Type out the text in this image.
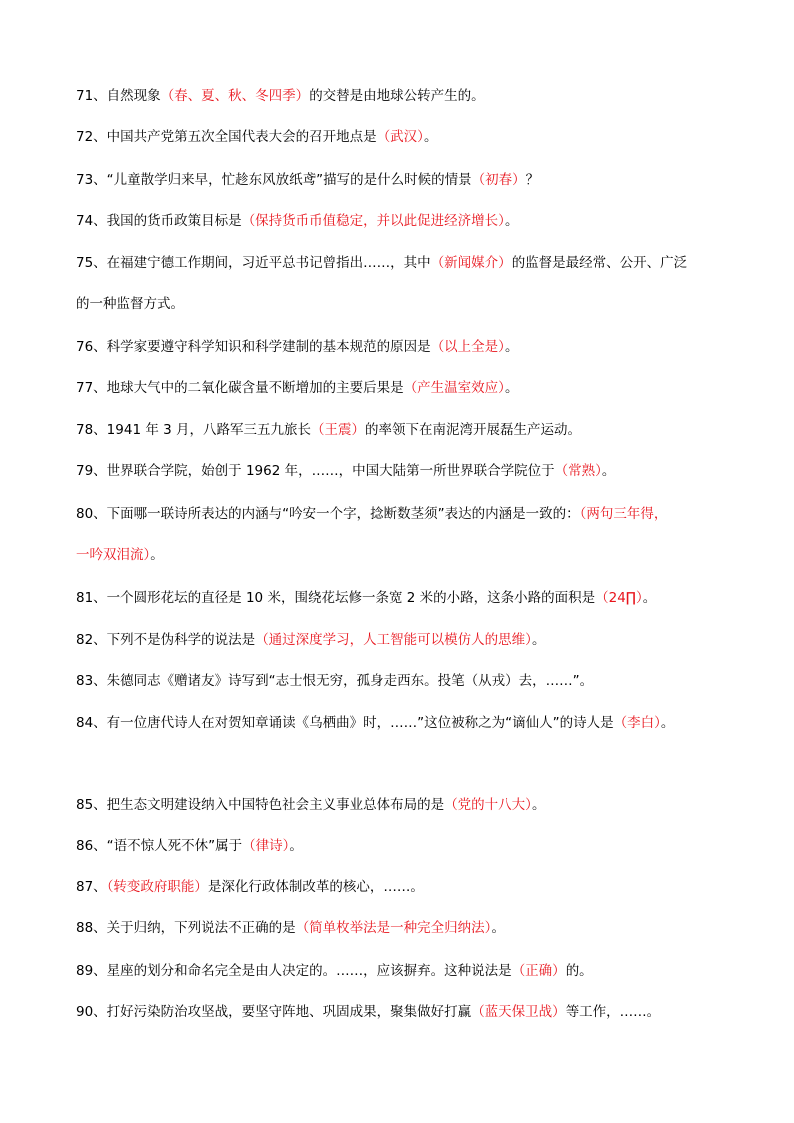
71、自然现象（春、夏、秋、冬四季）的交替是由地球公转产生的。
72、中国共产党第五次全国代表大会的召开地点是（武汉）。
73、“儿童散学归来早，忙趁东风放纸鸢”描写的是什么时候的情景（初春）？
74、我国的货币政策目标是（保持货币币值稳定，并以此促进经济增长）。
75、在福建宁德工作期间，习近平总书记曾指出……，其中（新闻媒介）的监督是最经常、公开、广泛
的一种监督方式。
76、科学家要遵守科学知识和科学建制的基本规范的原因是（以上全是）。
77、地球大气中的二氧化碳含量不断增加的主要后果是（产生温室效应）。
78、1941 年 3 月，八路军三五九旅长（王震）的率领下在南泥湾开展磊生产运动。
79、世界联合学院，始创于 1962 年，……，中国大陆第一所世界联合学院位于（常熟）。
80、下面哪一联诗所表达的内涵与“吟安一个字，捻断数茎须”表达的内涵是一致的：（两句三年得，
一吟双泪流）。
81、一个圆形花坛的直径是 10 米，围绕花坛修一条宽 2 米的小路，这条小路的面积是（24∏）。
82、下列不是伪科学的说法是（通过深度学习，人工智能可以模仿人的思维）。
83、朱德同志《赠诸友》诗写到“志士恨无穷，孤身走西东。投笔（从戎）去，……”。
84、有一位唐代诗人在对贺知章诵读《乌栖曲》时，……”这位被称之为“谪仙人”的诗人是（李白）。
85、把生态文明建设纳入中国特色社会主义事业总体布局的是（党的十八大）。
86、“语不惊人死不休”属于（律诗）。
87、（转变政府职能）是深化行政体制改革的核心，……。
88、关于归纳，下列说法不正确的是（简单枚举法是一种完全归纳法）。
89、星座的划分和命名完全是由人决定的。……，应该摒弃。这种说法是（正确）的。
90、打好污染防治攻坚战，要坚守阵地、巩固成果，聚集做好打赢（蓝天保卫战）等工作，……。
